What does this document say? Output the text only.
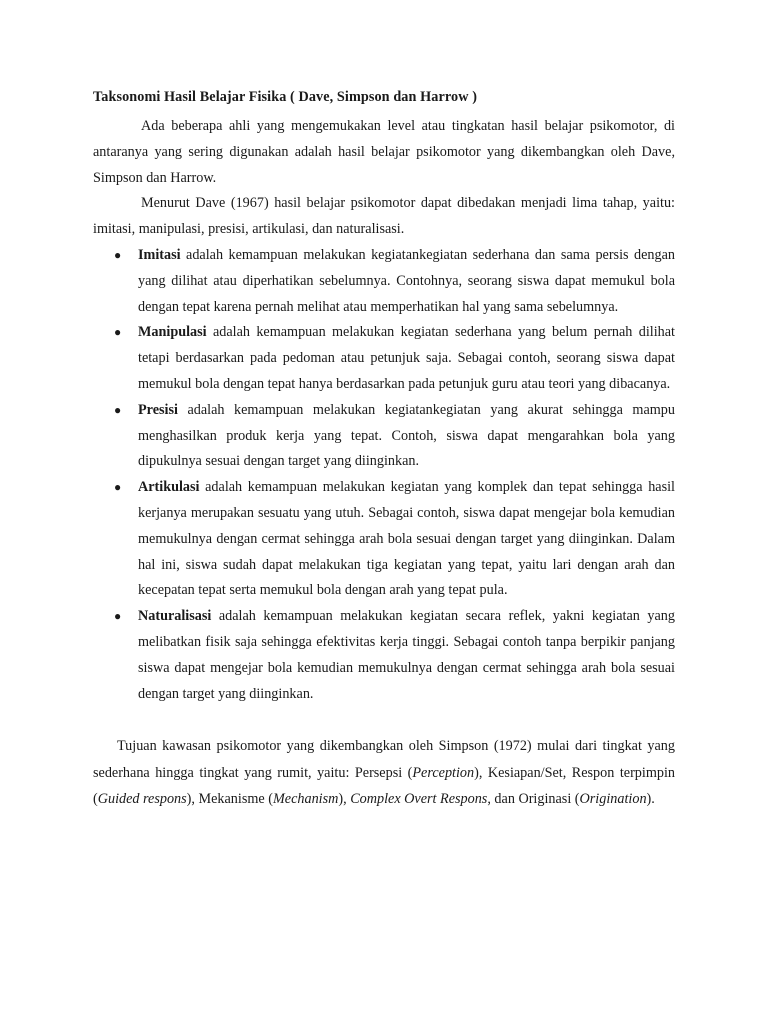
Taksonomi Hasil Belajar Fisika ( Dave, Simpson dan Harrow )

Ada beberapa ahli yang mengemukakan level atau tingkatan hasil belajar psikomotor, di antaranya yang sering digunakan adalah hasil belajar psikomotor yang dikembangkan oleh Dave, Simpson dan Harrow.

Menurut Dave (1967) hasil belajar psikomotor dapat dibedakan menjadi lima tahap, yaitu: imitasi, manipulasi, presisi, artikulasi, dan naturalisasi.

● Imitasi adalah kemampuan melakukan kegiatankegiatan sederhana dan sama persis dengan yang dilihat atau diperhatikan sebelumnya. Contohnya, seorang siswa dapat memukul bola dengan tepat karena pernah melihat atau memperhatikan hal yang sama sebelumnya.
● Manipulasi adalah kemampuan melakukan kegiatan sederhana yang belum pernah dilihat tetapi berdasarkan pada pedoman atau petunjuk saja. Sebagai contoh, seorang siswa dapat memukul bola dengan tepat hanya berdasarkan pada petunjuk guru atau teori yang dibacanya.
● Presisi adalah kemampuan melakukan kegiatankegiatan yang akurat sehingga mampu menghasilkan produk kerja yang tepat. Contoh, siswa dapat mengarahkan bola yang dipukulnya sesuai dengan target yang diinginkan.
● Artikulasi adalah kemampuan melakukan kegiatan yang komplek dan tepat sehingga hasil kerjanya merupakan sesuatu yang utuh. Sebagai contoh, siswa dapat mengejar bola kemudian memukulnya dengan cermat sehingga arah bola sesuai dengan target yang diinginkan. Dalam hal ini, siswa sudah dapat melakukan tiga kegiatan yang tepat, yaitu lari dengan arah dan kecepatan tepat serta memukul bola dengan arah yang tepat pula.
● Naturalisasi adalah kemampuan melakukan kegiatan secara reflek, yakni kegiatan yang melibatkan fisik saja sehingga efektivitas kerja tinggi. Sebagai contoh tanpa berpikir panjang siswa dapat mengejar bola kemudian memukulnya dengan cermat sehingga arah bola sesuai dengan target yang diinginkan.

Tujuan kawasan psikomotor yang dikembangkan oleh Simpson (1972) mulai dari tingkat yang sederhana hingga tingkat yang rumit, yaitu: Persepsi (Perception), Kesiapan/Set, Respon terpimpin (Guided respons), Mekanisme (Mechanism), Complex Overt Respons, dan Originasi (Origination).
